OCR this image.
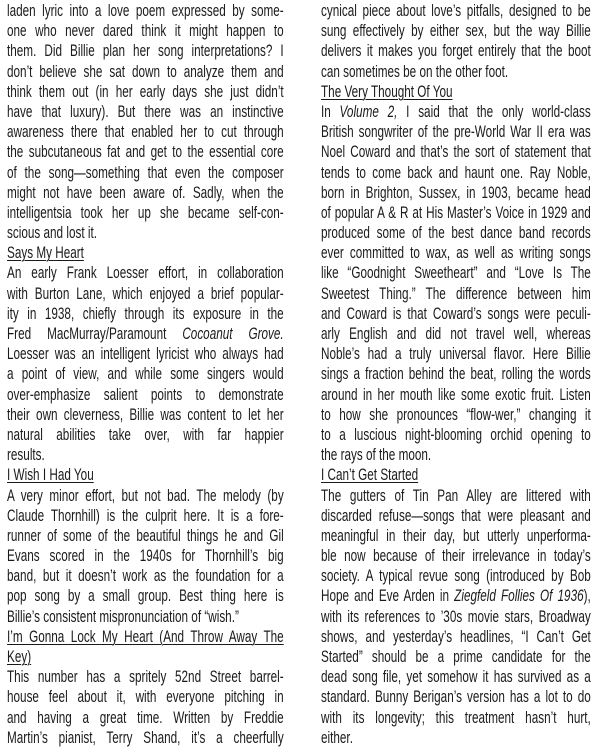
laden lyric into a love poem expressed by some-
one who never dared think it might happen to
them. Did Billie plan her song interpretations? I
don’t believe she sat down to analyze them and
think them out (in her early days she just didn’t
have that luxury). But there was an instinctive
awareness there that enabled her to cut through
the subcutaneous fat and get to the essential core
of the song—something that even the composer
might not have been aware of. Sadly, when the
intelligentsia took her up she became self-con-
scious and lost it.
Says My Heart
An early Frank Loesser effort, in collaboration
with Burton Lane, which enjoyed a brief popular-
ity in 1938, chiefly through its exposure in the
Fred MacMurray/Paramount Cocoanut Grove.
Loesser was an intelligent lyricist who always had
a point of view, and while some singers would
over-emphasize salient points to demonstrate
their own cleverness, Billie was content to let her
natural abilities take over, with far happier
results.
I Wish I Had You
A very minor effort, but not bad. The melody (by
Claude Thornhill) is the culprit here. It is a fore-
runner of some of the beautiful things he and Gil
Evans scored in the 1940s for Thornhill’s big
band, but it doesn’t work as the foundation for a
pop song by a small group. Best thing here is
Billie’s consistent mispronunciation of “wish.”
I’m Gonna Lock My Heart (And Throw Away The
Key)
This number has a spritely 52nd Street barrel-
house feel about it, with everyone pitching in
and having a great time. Written by Freddie
Martin’s pianist, Terry Shand, it’s a cheerfully
cynical piece about love’s pitfalls, designed to be
sung effectively by either sex, but the way Billie
delivers it makes you forget entirely that the boot
can sometimes be on the other foot.
The Very Thought Of You
In Volume 2, I said that the only world-class
British songwriter of the pre-World War II era was
Noel Coward and that’s the sort of statement that
tends to come back and haunt one. Ray Noble,
born in Brighton, Sussex, in 1903, became head
of popular A & R at His Master’s Voice in 1929 and
produced some of the best dance band records
ever committed to wax, as well as writing songs
like “Goodnight Sweetheart” and “Love Is The
Sweetest Thing.” The difference between him
and Coward is that Coward’s songs were peculi-
arly English and did not travel well, whereas
Noble’s had a truly universal flavor. Here Billie
sings a fraction behind the beat, rolling the words
around in her mouth like some exotic fruit. Listen
to how she pronounces “flow-wer,” changing it
to a luscious night-blooming orchid opening to
the rays of the moon.
I Can’t Get Started
The gutters of Tin Pan Alley are littered with
discarded refuse—songs that were pleasant and
meaningful in their day, but utterly unperforma-
ble now because of their irrelevance in today’s
society. A typical revue song (introduced by Bob
Hope and Eve Arden in Ziegfeld Follies Of 1936),
with its references to ’30s movie stars, Broadway
shows, and yesterday’s headlines, “I Can’t Get
Started” should be a prime candidate for the
dead song file, yet somehow it has survived as a
standard. Bunny Berigan’s version has a lot to do
with its longevity; this treatment hasn’t hurt,
either.
